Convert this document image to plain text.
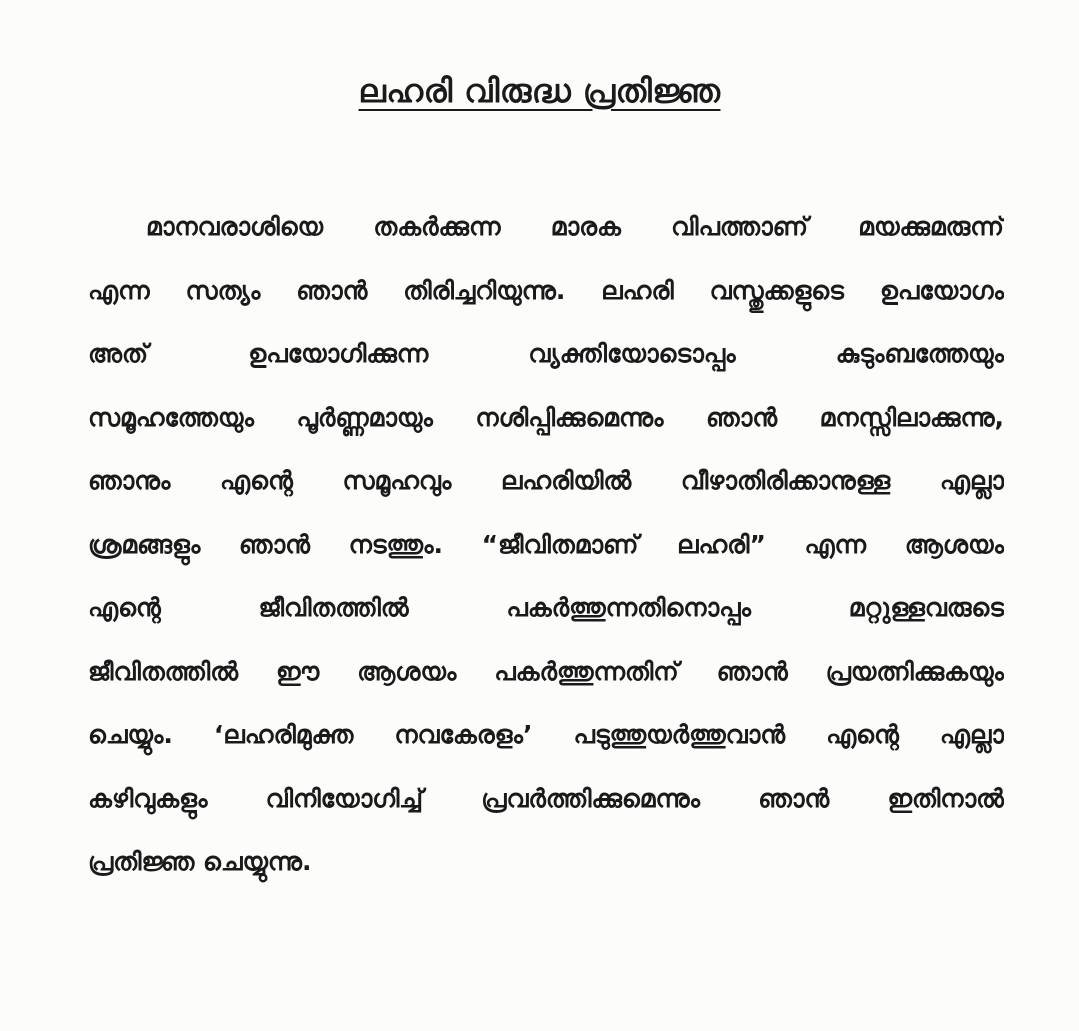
ലഹരി വിരുദ്ധ പ്രതിജ്ഞ
മാനവരാശിയെ തകർക്കുന്ന മാരക വിപത്താണ് മയക്കുമരുന്ന്
എന്ന സത്യം ഞാൻ തിരിച്ചറിയുന്നു. ലഹരി വസ്തുക്കളുടെ ഉപയോഗം
അത് ഉപയോഗിക്കുന്ന വ്യക്തിയോടൊപ്പം കുടുംബത്തേയും
സമൂഹത്തേയും പൂർണ്ണമായും നശിപ്പിക്കുമെന്നും ഞാൻ മനസ്സിലാക്കുന്നു,
ഞാനും എന്റെ സമൂഹവും ലഹരിയിൽ വീഴാതിരിക്കാനുള്ള എല്ലാ
ശ്രമങ്ങളും ഞാൻ നടത്തും. “ജീവിതമാണ് ലഹരി” എന്ന ആശയം
എന്റെ ജീവിതത്തിൽ പകർത്തുന്നതിനൊപ്പം മറ്റുള്ളവരുടെ
ജീവിതത്തിൽ ഈ ആശയം പകർത്തുന്നതിന് ഞാൻ പ്രയത്നിക്കുകയും
ചെയ്യും. ‘ലഹരിമുക്ത നവകേരളം’ പടുത്തുയർത്തുവാൻ എന്റെ എല്ലാ
കഴിവുകളും വിനിയോഗിച്ച് പ്രവർത്തിക്കുമെന്നും ഞാൻ ഇതിനാൽ
പ്രതിജ്ഞ ചെയ്യുന്നു.
